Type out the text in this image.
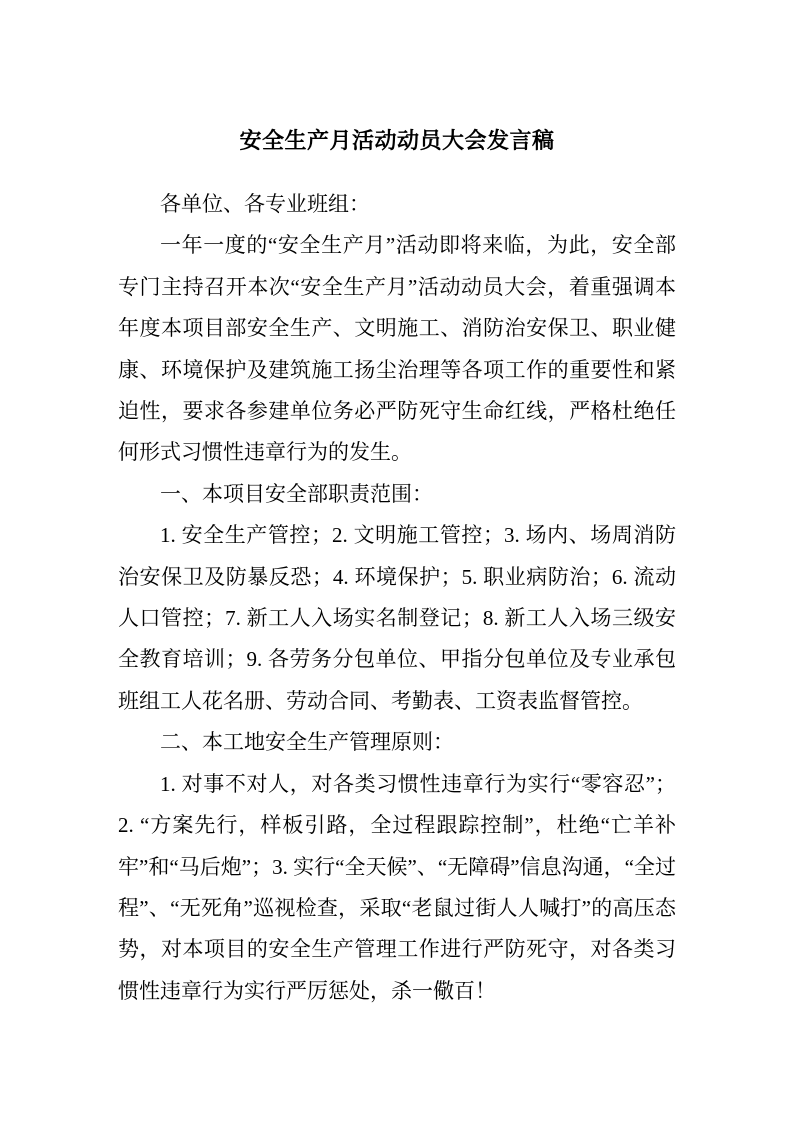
安全生产月活动动员大会发言稿

各单位、各专业班组：

一年一度的“安全生产月”活动即将来临，为此，安全部专门主持召开本次“安全生产月”活动动员大会，着重强调本年度本项目部安全生产、文明施工、消防治安保卫、职业健康、环境保护及建筑施工扬尘治理等各项工作的重要性和紧迫性，要求各参建单位务必严防死守生命红线，严格杜绝任何形式习惯性违章行为的发生。

一、本项目安全部职责范围：

1. 安全生产管控；2. 文明施工管控；3. 场内、场周消防治安保卫及防暴反恐；4. 环境保护；5. 职业病防治；6. 流动人口管控；7. 新工人入场实名制登记；8. 新工人入场三级安全教育培训；9. 各劳务分包单位、甲指分包单位及专业承包班组工人花名册、劳动合同、考勤表、工资表监督管控。

二、本工地安全生产管理原则：

1. 对事不对人，对各类习惯性违章行为实行“零容忍”；2. “方案先行，样板引路，全过程跟踪控制”，杜绝“亡羊补牢”和“马后炮”；3. 实行“全天候”、“无障碍”信息沟通，“全过程”、“无死角”巡视检查，采取“老鼠过街人人喊打”的高压态势，对本项目的安全生产管理工作进行严防死守，对各类习惯性违章行为实行严厉惩处，杀一儆百！
